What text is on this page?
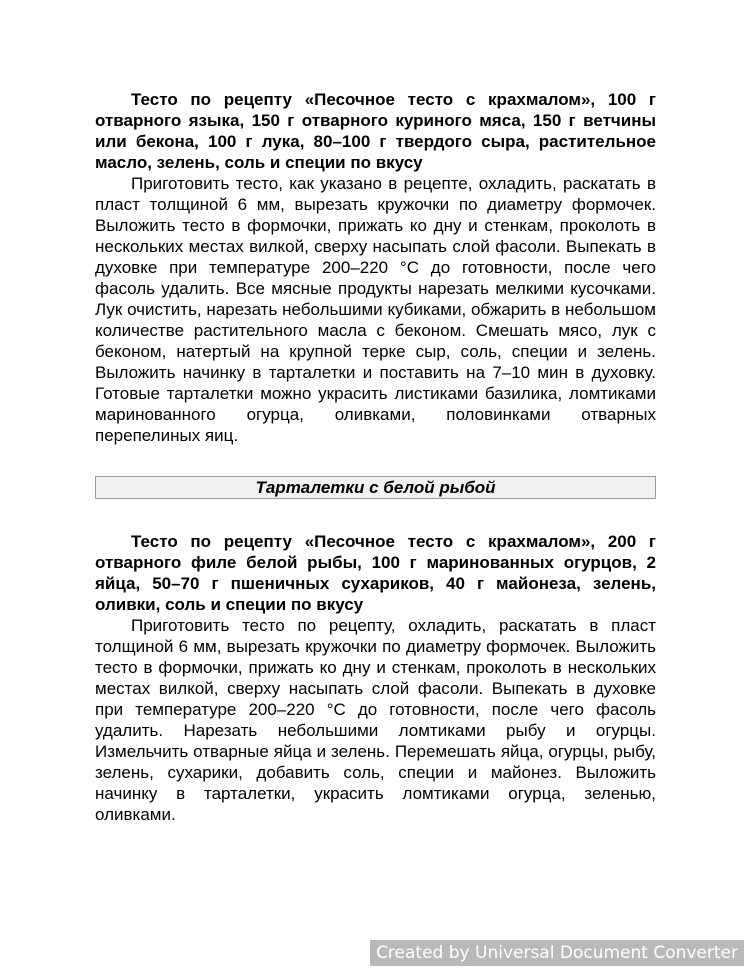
Тесто по рецепту «Песочное тесто с крахмалом», 100 г отварного языка, 150 г отварного куриного мяса, 150 г ветчины или бекона, 100 г лука, 80–100 г твердого сыра, растительное масло, зелень, соль и специи по вкусу

Приготовить тесто, как указано в рецепте, охладить, раскатать в пласт толщиной 6 мм, вырезать кружочки по диаметру формочек. Выложить тесто в формочки, прижать ко дну и стенкам, проколоть в нескольких местах вилкой, сверху насыпать слой фасоли. Выпекать в духовке при температуре 200–220 °С до готовности, после чего фасоль удалить. Все мясные продукты нарезать мелкими кусочками. Лук очистить, нарезать небольшими кубиками, обжарить в небольшом количестве растительного масла с беконом. Смешать мясо, лук с беконом, натертый на крупной терке сыр, соль, специи и зелень. Выложить начинку в тарталетки и поставить на 7–10 мин в духовку. Готовые тарталетки можно украсить листиками базилика, ломтиками маринованного огурца, оливками, половинками отварных перепелиных яиц.

Тарталетки с белой рыбой

Тесто по рецепту «Песочное тесто с крахмалом», 200 г отварного филе белой рыбы, 100 г маринованных огурцов, 2 яйца, 50–70 г пшеничных сухариков, 40 г майонеза, зелень, оливки, соль и специи по вкусу

Приготовить тесто по рецепту, охладить, раскатать в пласт толщиной 6 мм, вырезать кружочки по диаметру формочек. Выложить тесто в формочки, прижать ко дну и стенкам, проколоть в нескольких местах вилкой, сверху насыпать слой фасоли. Выпекать в духовке при температуре 200–220 °С до готовности, после чего фасоль удалить. Нарезать небольшими ломтиками рыбу и огурцы. Измельчить отварные яйца и зелень. Перемешать яйца, огурцы, рыбу, зелень, сухарики, добавить соль, специи и майонез. Выложить начинку в тарталетки, украсить ломтиками огурца, зеленью, оливками.

Created by Universal Document Converter
